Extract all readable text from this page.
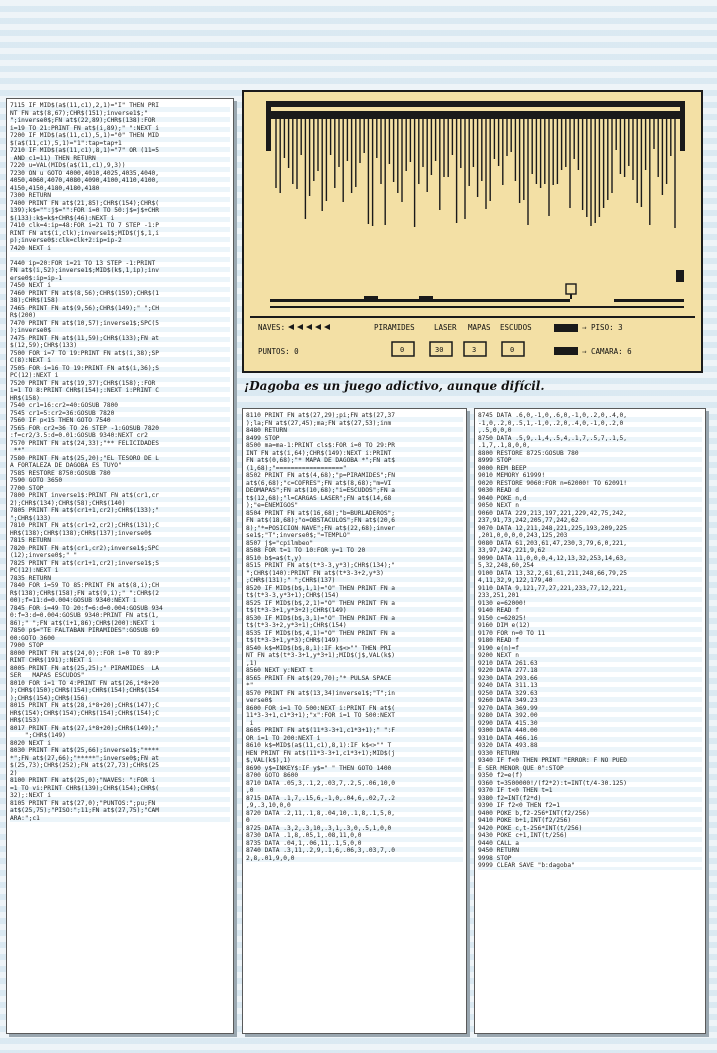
7115 IF MID$(a$(11,c1),2,1)="I" THEN PRI
NT FN at$(8,67);CHR$(151);inverse1$;"
";inverse0$;FN at$(22,89);CHR$(138):FOR
i=19 TO 21:PRINT FN at$(i,89);" ":NEXT i
7200 IF MID$(a$(11,c1),5,1)="0" THEN MID
$(a$(11,c1),5,1)="1":tap=tap+1
7210 IF MID$(a$(11,c1),8,1)="7" OR (11=5
AND c1=11) THEN RETURN
7220 u=VAL(MID$(a$(11,c1),9,3))
7230 ON u GOTO 4000,4010,4025,4035,4040,
4050,4060,4070,4080,4090,4100,4110,4100,
4150,4150,4180,4180,4180
7300 RETURN
7400 PRINT FN at$(21,85);CHR$(154);CHR$(
139);k$="":j$="":FOR i=0 TO 50:j$=j$+CHR
$(133):k$=k$+CHR$(46):NEXT i
7410 clk=4:ip=48:FOR i=21 TO 7 STEP -1:P
RINT FN at$(i,clk);inverse1$;MID$(j$,1,i
p);inverse0$:clk=clk+2:ip=ip-2
7420 NEXT i

7440 ip=20:FOR i=21 TO 13 STEP -1:PRINT
FN at$(i,52);inverse1$;MID$(k$,1,ip);inv
erse0$:ip=ip-1
7450 NEXT i
7460 PRINT FN at$(8,56);CHR$(159);CHR$(1
38);CHR$(158)
7465 PRINT FN at$(9,56);CHR$(149);" ";CH
R$(200)
7470 PRINT FN at$(10,57);inverse1$;SPC(5
);inverse0$
7475 PRINT FN at$(11,59);CHR$(133);FN at
$(12,59);CHR$(133)
7500 FOR i=7 TO 19:PRINT FN at$(i,38);SP
C(8):NEXT i
7505 FOR i=16 TO 19:PRINT FN at$(i,36);S
PC(12):NEXT i
7520 PRINT FN at$(19,37);CHR$(158);:FOR
i=1 TO 8:PRINT CHR$(154);:NEXT i:PRINT C
HR$(158)
7540 cr1=16:cr2=40:GOSUB 7800
7545 cr1=5:cr2=36:GOSUB 7820
7560 IF p<15 THEN GOTO 7540
7565 FOR cr2=36 TO 26 STEP -1:GOSUB 7820
:f=cr2/3.5:d=0.01:GOSUB 9340:NEXT cr2
7570 PRINT FN at$(24,33);"** FELICIDADES
**"
7580 PRINT FN at$(25,20);"EL TESORO DE L
A FORTALEZA DE DAGOBA ES TUYO"
7585 RESTORE 8750:GOSUB 780
7590 GOTO 3650
7700 STOP
7800 PRINT inverse1$:PRINT FN at$(cr1,cr
2);CHR$(134);CHR$(58);CHR$(140)
7805 PRINT FN at$(cr1+1,cr2);CHR$(133);"
";CHR$(133)
7810 PRINT FN at$(cr1+2,cr2);CHR$(131);C
HR$(138);CHR$(138);CHR$(137);inverse0$
7815 RETURN
7820 PRINT FN at$(cr1,cr2);inverse1$;SPC
(12);inverse0$;" "
7825 PRINT FN at$(cr1+1,cr2);inverse1$;S
PC(12):NEXT i
7835 RETURN
7840 FOR i=59 TO 85:PRINT FN at$(8,i);CH
R$(138);CHR$(158);FN at$(9,i);" ":CHR$(2
00);f=11:d=0.004:GOSUB 9340:NEXT i
7845 FOR i=49 TO 20:f=6:d=0.004:GOSUB 934
0:f=3:d=0.004:GOSUB 9340:PRINT FN at$(1,
86);" ";FN at$(i+1,86);CHR$(200):NEXT i
7850 p$="TE FALTABAN PIRAMIDES":GOSUB 69
00:GOTO 3600
7900 STOP
8000 PRINT FN at$(24,0);:FOR i=0 TO 89:P
RINT CHR$(191);:NEXT i
8005 PRINT FN at$(25,25);" PIRAMIDES  LA
SER   MAPAS ESCUDOS"
8010 FOR i=1 TO 4:PRINT FN at$(26,i*8+20
);CHR$(150);CHR$(154);CHR$(154);CHR$(154
);CHR$(154);CHR$(156)
8015 PRINT FN at$(28,i*8+20);CHR$(147);C
HR$(154);CHR$(154);CHR$(154);CHR$(154);C
HR$(153)
8017 PRINT FN at$(27,i*8+20);CHR$(149);"
";CHR$(149)
8020 NEXT i
8030 PRINT FN at$(25,66);inverse1$;"****
*";FN at$(27,66);"*****";inverse0$;FN at
$(25,73);CHR$(252);FN at$(27,73);CHR$(25
2)
8100 PRINT FN at$(25,0);"NAVES: ":FOR i
=1 TO vi:PRINT CHR$(139);CHR$(154);CHR$(
32);:NEXT i
8105 PRINT FN at$(27,0);"PUNTOS:";pu;FN
at$(25,75);"PISO:";11;FN at$(27,75);"CAM
ARA:";c1
NAVES:	PIRAMIDES	LASER MAPAS ESCUDOS	⇒ PISO: 3
PUNTOS: 0	0	30	3	0	⇒ CAMARA: 6

¡Dagoba es un juego adictivo, aunque difícil.

8110 PRINT FN at$(27,29);pi;FN at$(27,37
);la;FN at$(27,45);ma;FN at$(27,53);inm
8480 RETURN
8499 STOP
8500 ma=ma-1:PRINT cls$:FOR i=0 TO 29:PR
INT FN at$(i,64);CHR$(149):NEXT i:PRINT
FN at$(0,68);"* MAPA DE DAGOBA *";FN at$
(1,68);"=================="
8502 PRINT FN at$(4,68);"p=PIRAMIDES";FN
at$(6,68);"c=COFRES";FN at$(8,68);"m=VI
DEOMAPAS";FN at$(10,68);"i=ESCUDOS";FN a
t$(12,68);"l=CARGAS LASER";FN at$(14,68
);"e=ENEMIGOS"
8504 PRINT FN at$(16,68);"b=BURLADEROS";
FN at$(18,68);"o=OBSTACULOS";FN at$(20,6
8);"*=POSICION NAVE";FN at$(22,68);inver
se1$;"T";inverse0$;"=TEMPLO"
8507 j$="cpilmbeo"
8508 FOR t=1 TO 10:FOR y=1 TO 20
8510 b$=a$(t,y)
8515 PRINT FN at$(t*3-3,y*3);CHR$(134);"
";CHR$(140):PRINT FN at$(t*3-3+2,y*3)
;CHR$(131);" ";CHR$(137)
8520 IF MID$(b$,1,1)="O" THEN PRINT FN a
t$(t*3-3,y*3+1);CHR$(154)
8525 IF MID$(b$,2,1)="O" THEN PRINT FN a
t$(t*3-3+1,y*3+2);CHR$(149)
8530 IF MID$(b$,3,1)="O" THEN PRINT FN a
t$(t*3-3+2,y*3+1);CHR$(154)
8535 IF MID$(b$,4,1)="O" THEN PRINT FN a
t$(t*3-3+1,y*3);CHR$(149)
8540 k$=MID$(b$,8,1):IF k$<>"" THEN PRI
NT FN at$(t*3-3+1,y*3+1);MID$(j$,VAL(k$)
,1)
8560 NEXT y:NEXT t
8565 PRINT FN at$(29,70);"* PULSA SPACE
*"
8570 PRINT FN at$(13,34)inverse1$;"T";in
verse0$
8600 FOR i=1 TO 500:NEXT i:PRINT FN at$(
11*3-3+1,c1*3+1);"x":FOR i=1 TO 500:NEXT
i
8605 PRINT FN at$(11*3-3+1,c1*3+1);" ":F
OR i=1 TO 200:NEXT i
8610 k$=MID$(a$(11,c1),8,1):IF k$<>"" T
HEN PRINT FN at$(11*3-3+1,c1*3+1);MID$(j
$,VAL(k$),1)
8690 y$=INKEY$:IF y$=" " THEN GOTO 1400
8700 GOTO 8600
8710 DATA .05,3,.1,2,.03,7,.2,5,.06,10,0
,0
8715 DATA .1,7,.15,6,-1,0,.04,6,.02,7,.2
,9,.3,10,0,0
8720 DATA .2,11,.1,8,.04,10,.1,8,.1,5,0,
0
8725 DATA .3,2,.3,10,.3,1,.3,0,.5,1,0,0
8730 DATA .1,8,.05,1,.08,11,0,0
8735 DATA .04,1,.06,11,.1,5,0,0
8740 DATA .3,11,.2,9,.1,6,.06,3,.03,7,.0
2,8,.01,9,0,0
8745 DATA .6,0,-1,0,.6,0,-1,0,.2,0,.4,0,
-1,0,.2,0,.5,1,-1,0,.2,0,.4,0,-1,0,.2,0
,.5,0,0,0
8750 DATA .5,9,.1,4,.5,4,.1,7,.5,7,.1,5,
.1,7,.1,8,0,0,
8800 RESTORE 8725:GOSUB 780
8999 STOP
9000 REM BEEP
9010 MEMORY 61999!
9020 RESTORE 9060:FOR n=62000! TO 62091!
9030 READ d
9040 POKE n,d
9050 NEXT n
9060 DATA 229,213,197,221,229,42,75,242,
237,91,73,242,205,77,242,62
9070 DATA 12,211,248,221,225,193,209,225
,201,0,0,0,0,243,125,203
9080 DATA 61,203,61,47,230,3,79,6,0,221,
33,97,242,221,9,62
9090 DATA 11,0,0,0,4,12,13,32,253,14,63,
5,32,248,60,254
9100 DATA 13,32,2,61,61,211,248,66,79,25
4,11,32,9,122,179,40
9110 DATA 9,121,77,27,221,233,77,12,221,
233,251,201
9130 e=62000!
9140 READ f
9150 c=62025!
9160 DIM e(12)
9170 FOR n=0 TO 11
9180 READ f
9190 e(n)=f
9200 NEXT n
9210 DATA 261.63
9220 DATA 277.18
9230 DATA 293.66
9240 DATA 311.13
9250 DATA 329.63
9260 DATA 349.23
9270 DATA 369.99
9280 DATA 392.00
9290 DATA 415.30
9300 DATA 440.00
9310 DATA 466.16
9320 DATA 493.88
9330 RETURN
9340 IF f<0 THEN PRINT "ERROR: F NO PUED
E SER MENOR QUE 0":STOP
9350 f2=e(f)
9360 t=3500000!/(f2*2):t=INT(t/4-30.125)
9370 IF t<0 THEN t=1
9380 f2=INT(f2*d)
9390 IF f2<0 THEN f2=1
9400 POKE b,f2-256*INT(f2/256)
9410 POKE b+1,INT(f2/256)
9420 POKE c,t-256*INT(t/256)
9430 POKE c+1,INT(t/256)
9440 CALL a
9450 RETURN
9998 STOP
9999 CLEAR SAVE "b:dagoba"
